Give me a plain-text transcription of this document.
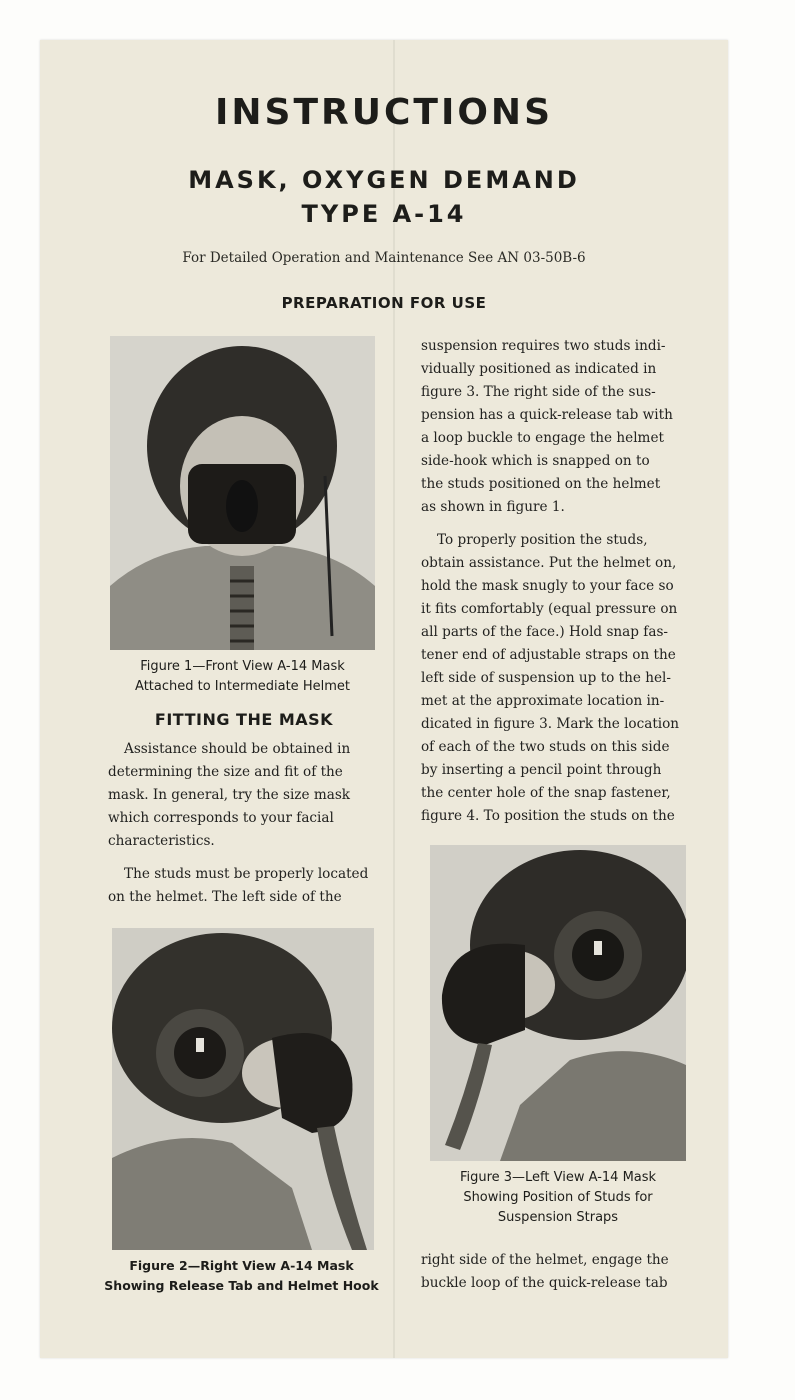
INSTRUCTIONS
MASK, OXYGEN DEMAND
TYPE A-14

For Detailed Operation and Maintenance See AN 03-50B-6

PREPARATION FOR USE

Figure 1—Front View A-14 Mask
Attached to Intermediate Helmet

FITTING THE MASK

Assistance should be obtained in
determining the size and fit of the
mask. In general, try the size mask
which corresponds to your facial
characteristics.

The studs must be properly located
on the helmet. The left side of the

suspension requires two studs indi-
vidually positioned as indicated in
figure 3. The right side of the sus-
pension has a quick-release tab with
a loop buckle to engage the helmet
side-hook which is snapped on to
the studs positioned on the helmet
as shown in figure 1.

To properly position the studs,
obtain assistance. Put the helmet on,
hold the mask snugly to your face so
it fits comfortably (equal pressure on
all parts of the face.) Hold snap fas-
tener end of adjustable straps on the
left side of suspension up to the hel-
met at the approximate location in-
dicated in figure 3. Mark the location
of each of the two studs on this side
by inserting a pencil point through
the center hole of the snap fastener,
figure 4. To position the studs on the

Figure 2—Right View A-14 Mask
Showing Release Tab and Helmet Hook

Figure 3—Left View A-14 Mask
Showing Position of Studs for
Suspension Straps

right side of the helmet, engage the
buckle loop of the quick-release tab
